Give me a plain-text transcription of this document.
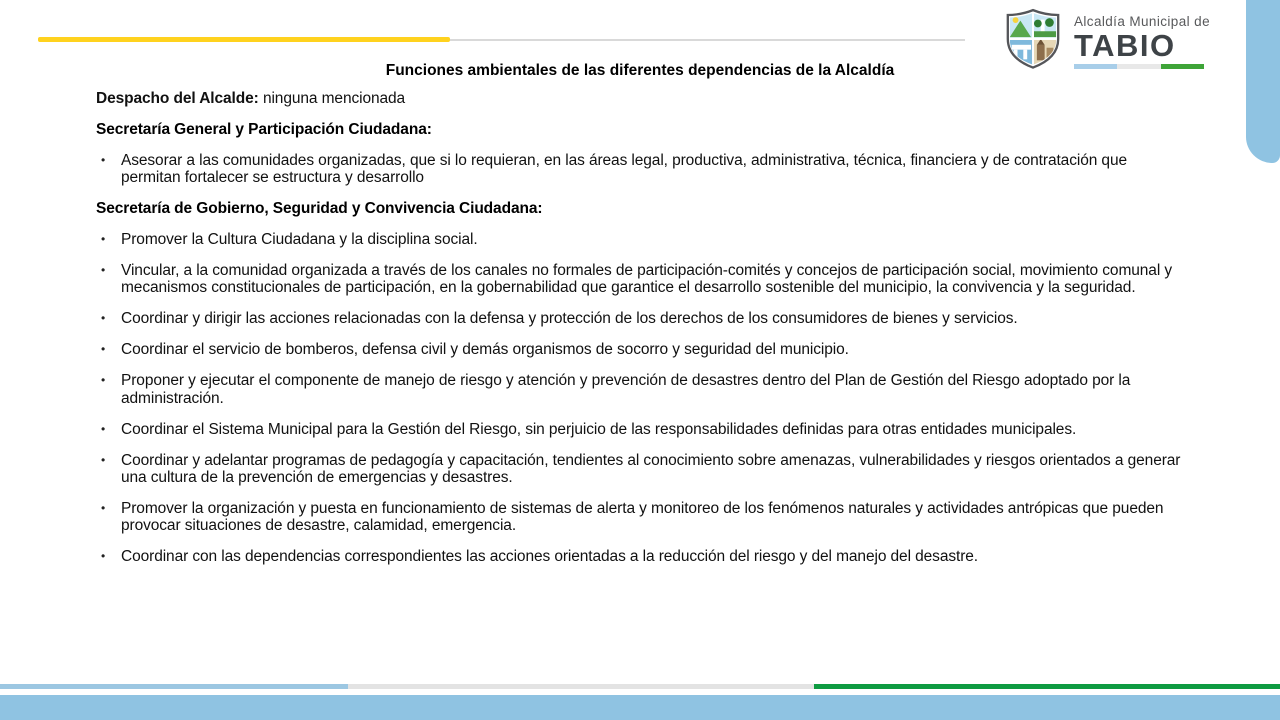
Alcaldía Municipal de
TABIO
Funciones ambientales de las diferentes dependencias de la Alcaldía

Despacho del Alcalde: ninguna mencionada

Secretaría General y Participación Ciudadana:
•	Asesorar a las comunidades organizadas, que si lo requieran, en las áreas legal, productiva, administrativa, técnica, financiera y de contratación que permitan fortalecer se estructura y desarrollo
Secretaría de Gobierno, Seguridad y Convivencia Ciudadana:
•	Promover la Cultura Ciudadana y la disciplina social.
•	Vincular, a la comunidad organizada a través de los canales no formales de participación-comités y concejos de participación social, movimiento comunal y mecanismos constitucionales de participación, en la gobernabilidad que garantice el desarrollo sostenible del municipio, la convivencia y la seguridad.
•	Coordinar y dirigir las acciones relacionadas con la defensa y protección de los derechos de los consumidores de bienes y servicios.
•	Coordinar el servicio de bomberos, defensa civil y demás organismos de socorro y seguridad del municipio.
•	Proponer y ejecutar el componente de manejo de riesgo y atención y prevención de desastres dentro del Plan de Gestión del Riesgo adoptado por la administración.
•	Coordinar el Sistema Municipal para la Gestión del Riesgo, sin perjuicio de las responsabilidades definidas para otras entidades municipales.
•	Coordinar y adelantar programas de pedagogía y capacitación, tendientes al conocimiento sobre amenazas, vulnerabilidades y riesgos orientados a generar una cultura de la prevención de emergencias y desastres.
•	Promover la organización y puesta en funcionamiento de sistemas de alerta y monitoreo de los fenómenos naturales y actividades antrópicas que pueden provocar situaciones de desastre, calamidad, emergencia.
•	Coordinar con las dependencias correspondientes las acciones orientadas a la reducción del riesgo y del manejo del desastre.
